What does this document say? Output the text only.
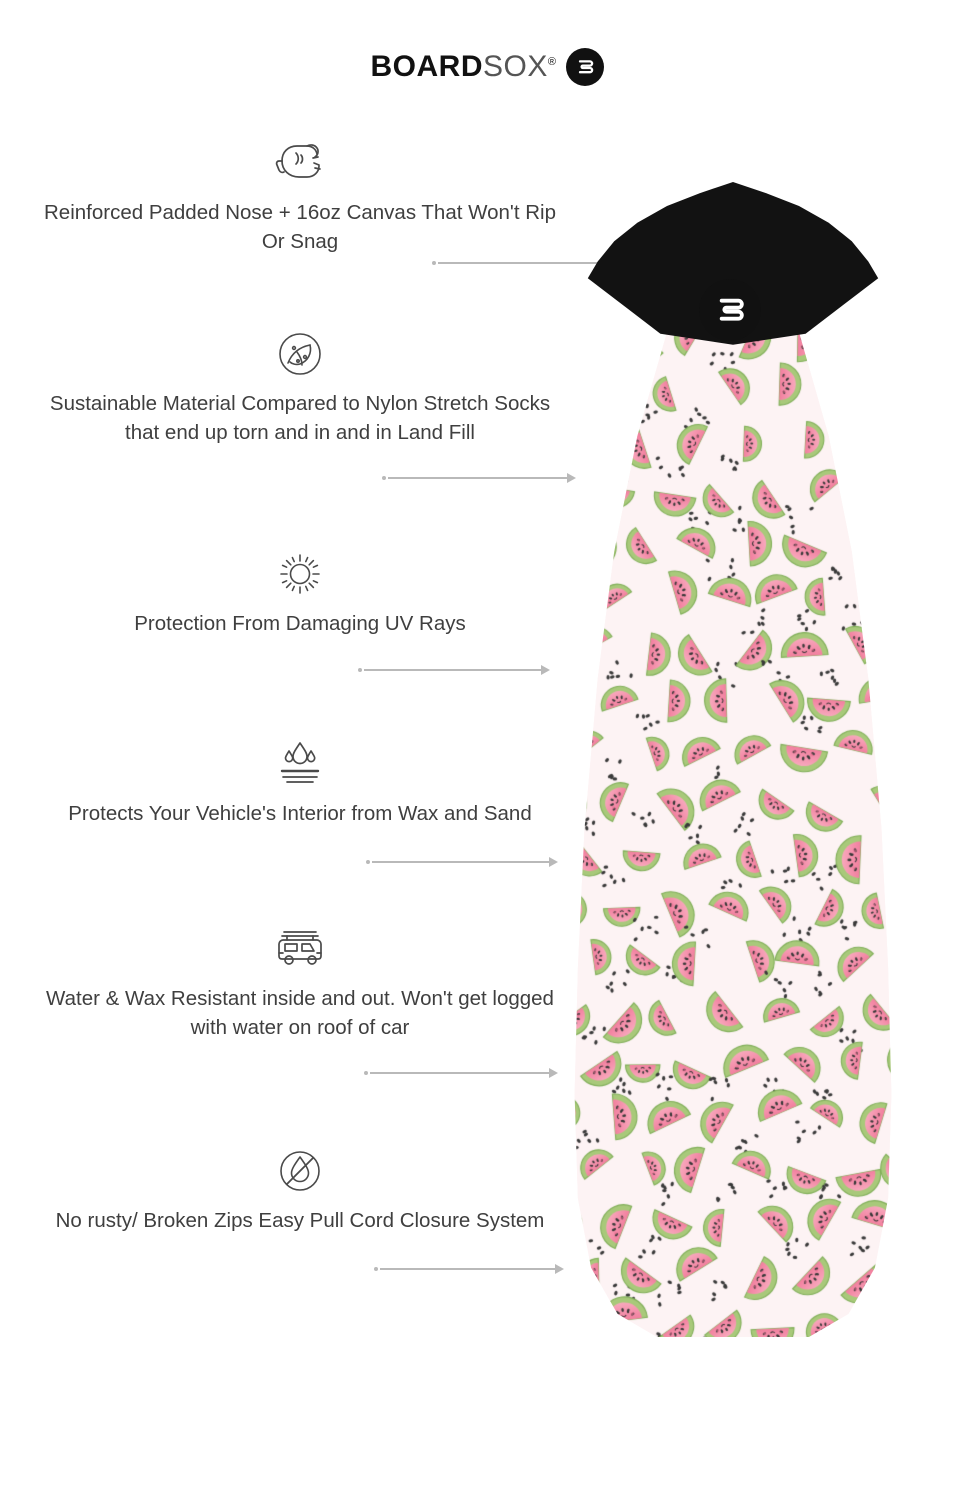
BOARDSOX®
Reinforced Padded Nose + 16oz Canvas That Won't Rip Or Snag
Sustainable Material Compared to Nylon Stretch Socks that end up torn and in and in Land Fill
Protection From Damaging UV Rays
Protects Your Vehicle's Interior from Wax and Sand
Water & Wax Resistant inside and out. Won't get logged with water on roof of car
No rusty/ Broken Zips Easy Pull Cord Closure System
